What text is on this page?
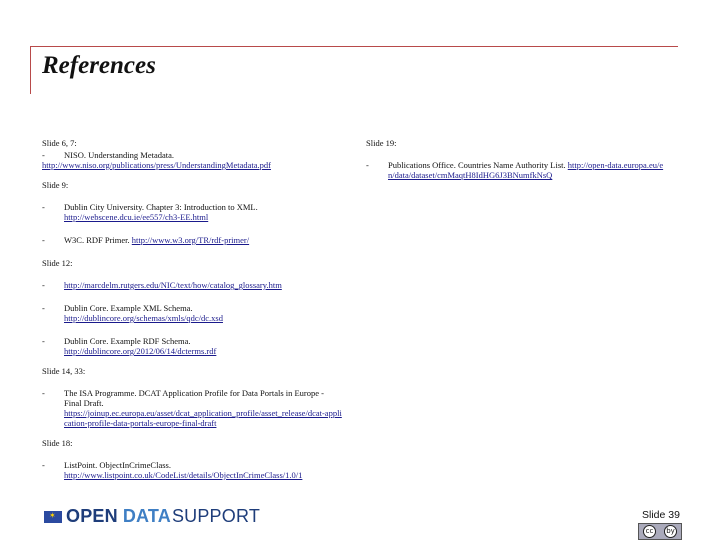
References
Slide 6, 7:
-	NISO. Understanding Metadata.
http://www.niso.org/publications/press/UnderstandingMetadata.pdf
Slide 9:
-	Dublin City University. Chapter 3: Introduction to XML.
http://webscene.dcu.ie/ee557/ch3-EE.html
-	W3C. RDF Primer. http://www.w3.org/TR/rdf-primer/
Slide 12:
-	http://marcdelm.rutgers.edu/NIC/text/how/catalog_glossary.htm
-	Dublin Core. Example XML Schema.
http://dublincore.org/schemas/xmls/qdc/dc.xsd
-	Dublin Core. Example RDF Schema.
http://dublincore.org/2012/06/14/dcterms.rdf
Slide 14, 33:
-	The ISA Programme. DCAT Application Profile for Data Portals in Europe - Final Draft.
https://joinup.ec.europa.eu/asset/dcat_application_profile/asset_release/dcat-application-profile-data-portals-europe-final-draft
Slide 18:
-	ListPoint. ObjectInCrimeClass.
http://www.listpoint.co.uk/CodeList/details/ObjectInCrimeClass/1.0/1
Slide 19:
-	Publications Office. Countries Name Authority List. http://open-data.europa.eu/en/data/dataset/cmMaqtH8IdHG6J3BNumfkNsQ
✶
OPEN DATA SUPPORT	Slide 39
cc	by
